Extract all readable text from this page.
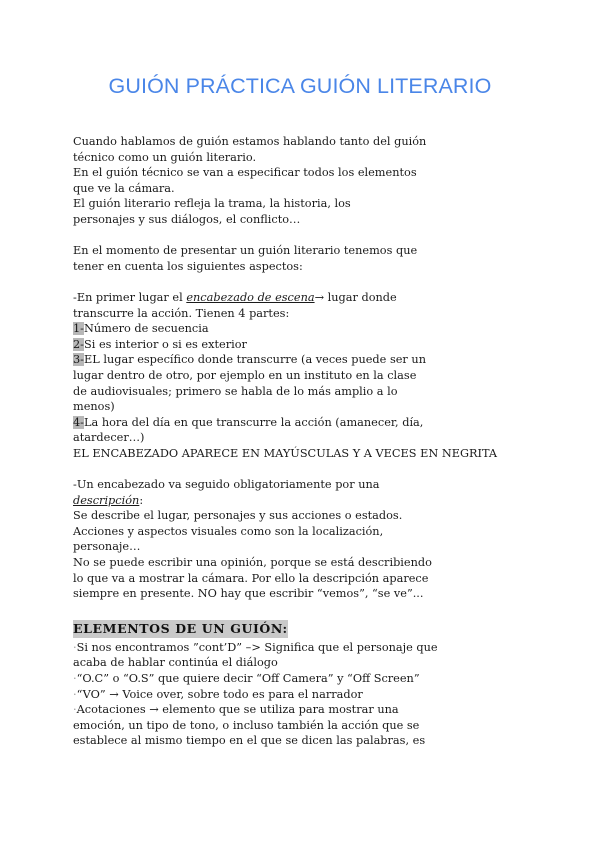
GUIÓN PRÁCTICA GUIÓN LITERARIO
Cuando hablamos de guión estamos hablando tanto del guión
técnico como un guión literario.
En el guión técnico se van a especificar todos los elementos
que ve la cámara.
El guión literario refleja la trama, la historia, los
personajes y sus diálogos, el conflicto…
En el momento de presentar un guión literario tenemos que
tener en cuenta los siguientes aspectos:
-En primer lugar el encabezado de escena→ lugar donde
transcurre la acción. Tienen 4 partes:
1-Número de secuencia
2-Si es interior o si es exterior
3-EL lugar específico donde transcurre (a veces puede ser un
lugar dentro de otro, por ejemplo en un instituto en la clase
de audiovisuales; primero se habla de lo más amplio a lo
menos)
4-La hora del día en que transcurre la acción (amanecer, día,
atardecer…)
EL ENCABEZADO APARECE EN MAYÚSCULAS Y A VECES EN NEGRITA
-Un encabezado va seguido obligatoriamente por una
descripción:
Se describe el lugar, personajes y sus acciones o estados.
Acciones y aspectos visuales como son la localización,
personaje…
No se puede escribir una opinión, porque se está describiendo
lo que va a mostrar la cámara. Por ello la descripción aparece
siempre en presente. NO hay que escribir “vemos”, “se ve”...
ELEMENTOS DE UN GUIÓN:
·Si nos encontramos ”cont’D” –> Significa que el personaje que
acaba de hablar continúa el diálogo
·“O.C” o “O.S” que quiere decir “Off Camera” y “Off Screen”
·“VO” → Voice over, sobre todo es para el narrador
·Acotaciones → elemento que se utiliza para mostrar una
emoción, un tipo de tono, o incluso también la acción que se
establece al mismo tiempo en el que se dicen las palabras, es
